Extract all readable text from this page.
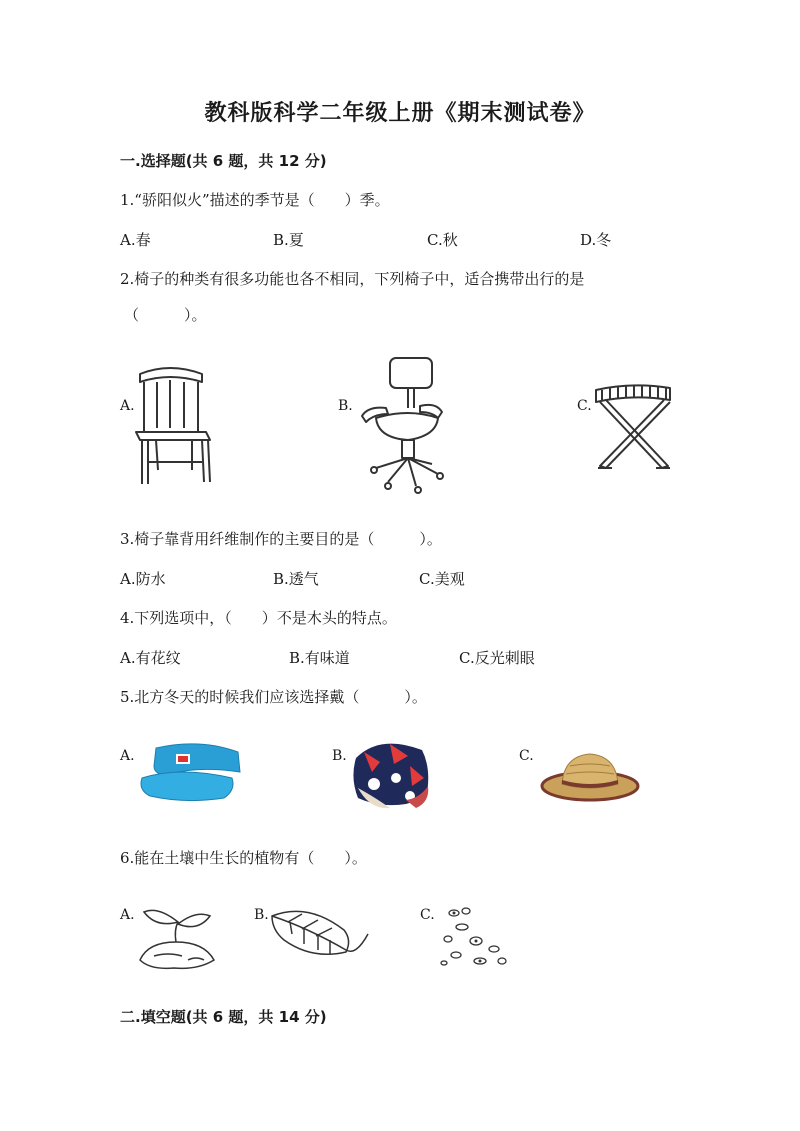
教科版科学二年级上册《期末测试卷》
一.选择题(共 6 题，共 12 分)
1.“骄阳似火”描述的季节是（　　）季。
A.春	B.夏	C.秋	D.冬
2.椅子的种类有很多功能也各不相同，下列椅子中，适合携带出行的是
（　　　）。
A.	B.	C.
3.椅子靠背用纤维制作的主要目的是（　　　）。
A.防水	B.透气	C.美观
4.下列选项中，（　　）不是木头的特点。
A.有花纹	B.有味道	C.反光刺眼
5.北方冬天的时候我们应该选择戴（　　　）。
A.	B.	C.
6.能在土壤中生长的植物有（　　）。
A.	B.	C.
二.填空题(共 6 题，共 14 分)
